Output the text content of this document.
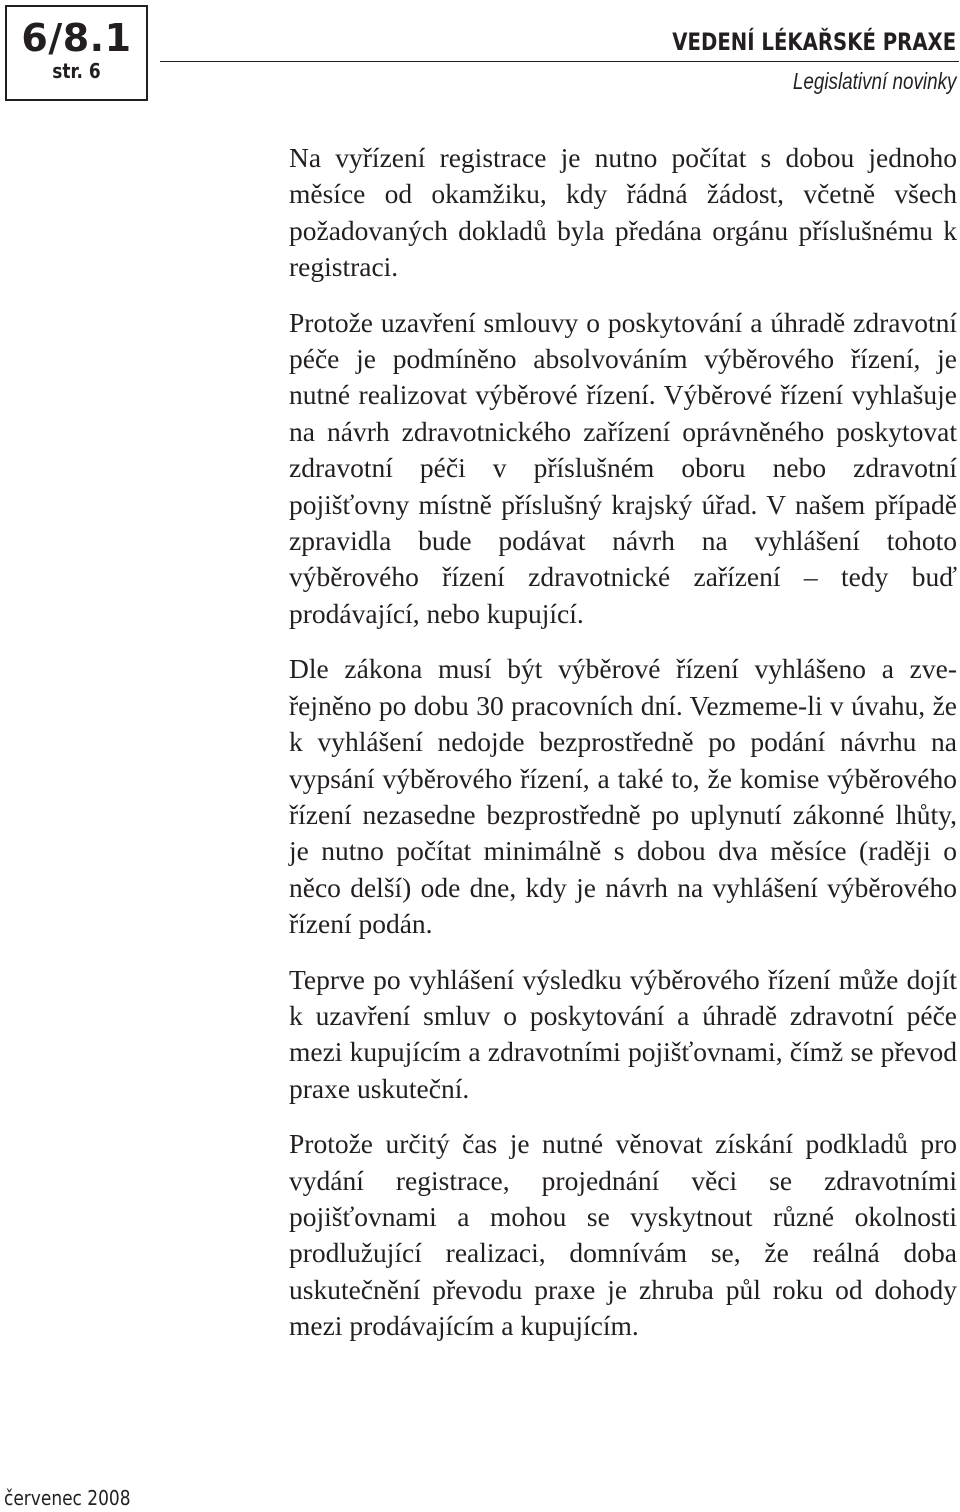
6/8.1
str. 6
VEDENÍ LÉKAŘSKÉ PRAXE
Legislativní novinky

Na vyřízení registrace je nutno počítat s dobou jednoho měsíce od okamžiku, kdy řádná žádost, včetně všech požadovaných dokladů byla předána orgánu příslušnému k registraci.

Protože uzavření smlouvy o poskytování a úhradě zdravotní péče je podmíněno absolvováním výběrového řízení, je nutné realizovat výběrové řízení. Výběrové řízení vyhlašuje na návrh zdravotnického zařízení oprávněného poskytovat zdravotní péči v příslušném oboru nebo zdravotní pojišťovny místně příslušný krajský úřad. V našem případě zpravidla bude podávat návrh na vyhlášení tohoto výběrového řízení zdravotnické zařízení – tedy buď prodávající, nebo kupující.

Dle zákona musí být výběrové řízení vyhlášeno a zveřejněno po dobu 30 pracovních dní. Vezmeme-li v úvahu, že k vyhlášení nedojde bezprostředně po podání návrhu na vypsání výběrového řízení, a také to, že komise výběrového řízení nezasedne bezprostředně po uplynutí zákonné lhůty, je nutno počítat minimálně s dobou dva měsíce (raději o něco delší) ode dne, kdy je návrh na vyhlášení výběrového řízení podán.

Teprve po vyhlášení výsledku výběrového řízení může dojít k uzavření smluv o poskytování a úhradě zdravotní péče mezi kupujícím a zdravotními pojišťovnami, čímž se převod praxe uskuteční.

Protože určitý čas je nutné věnovat získání podkladů pro vydání registrace, projednání věci se zdravotními pojišťovnami a mohou se vyskytnout různé okolnosti prodlužující realizaci, domnívám se, že reálná doba uskutečnění převodu praxe je zhruba půl roku od dohody mezi prodávajícím a kupujícím.

červenec 2008
